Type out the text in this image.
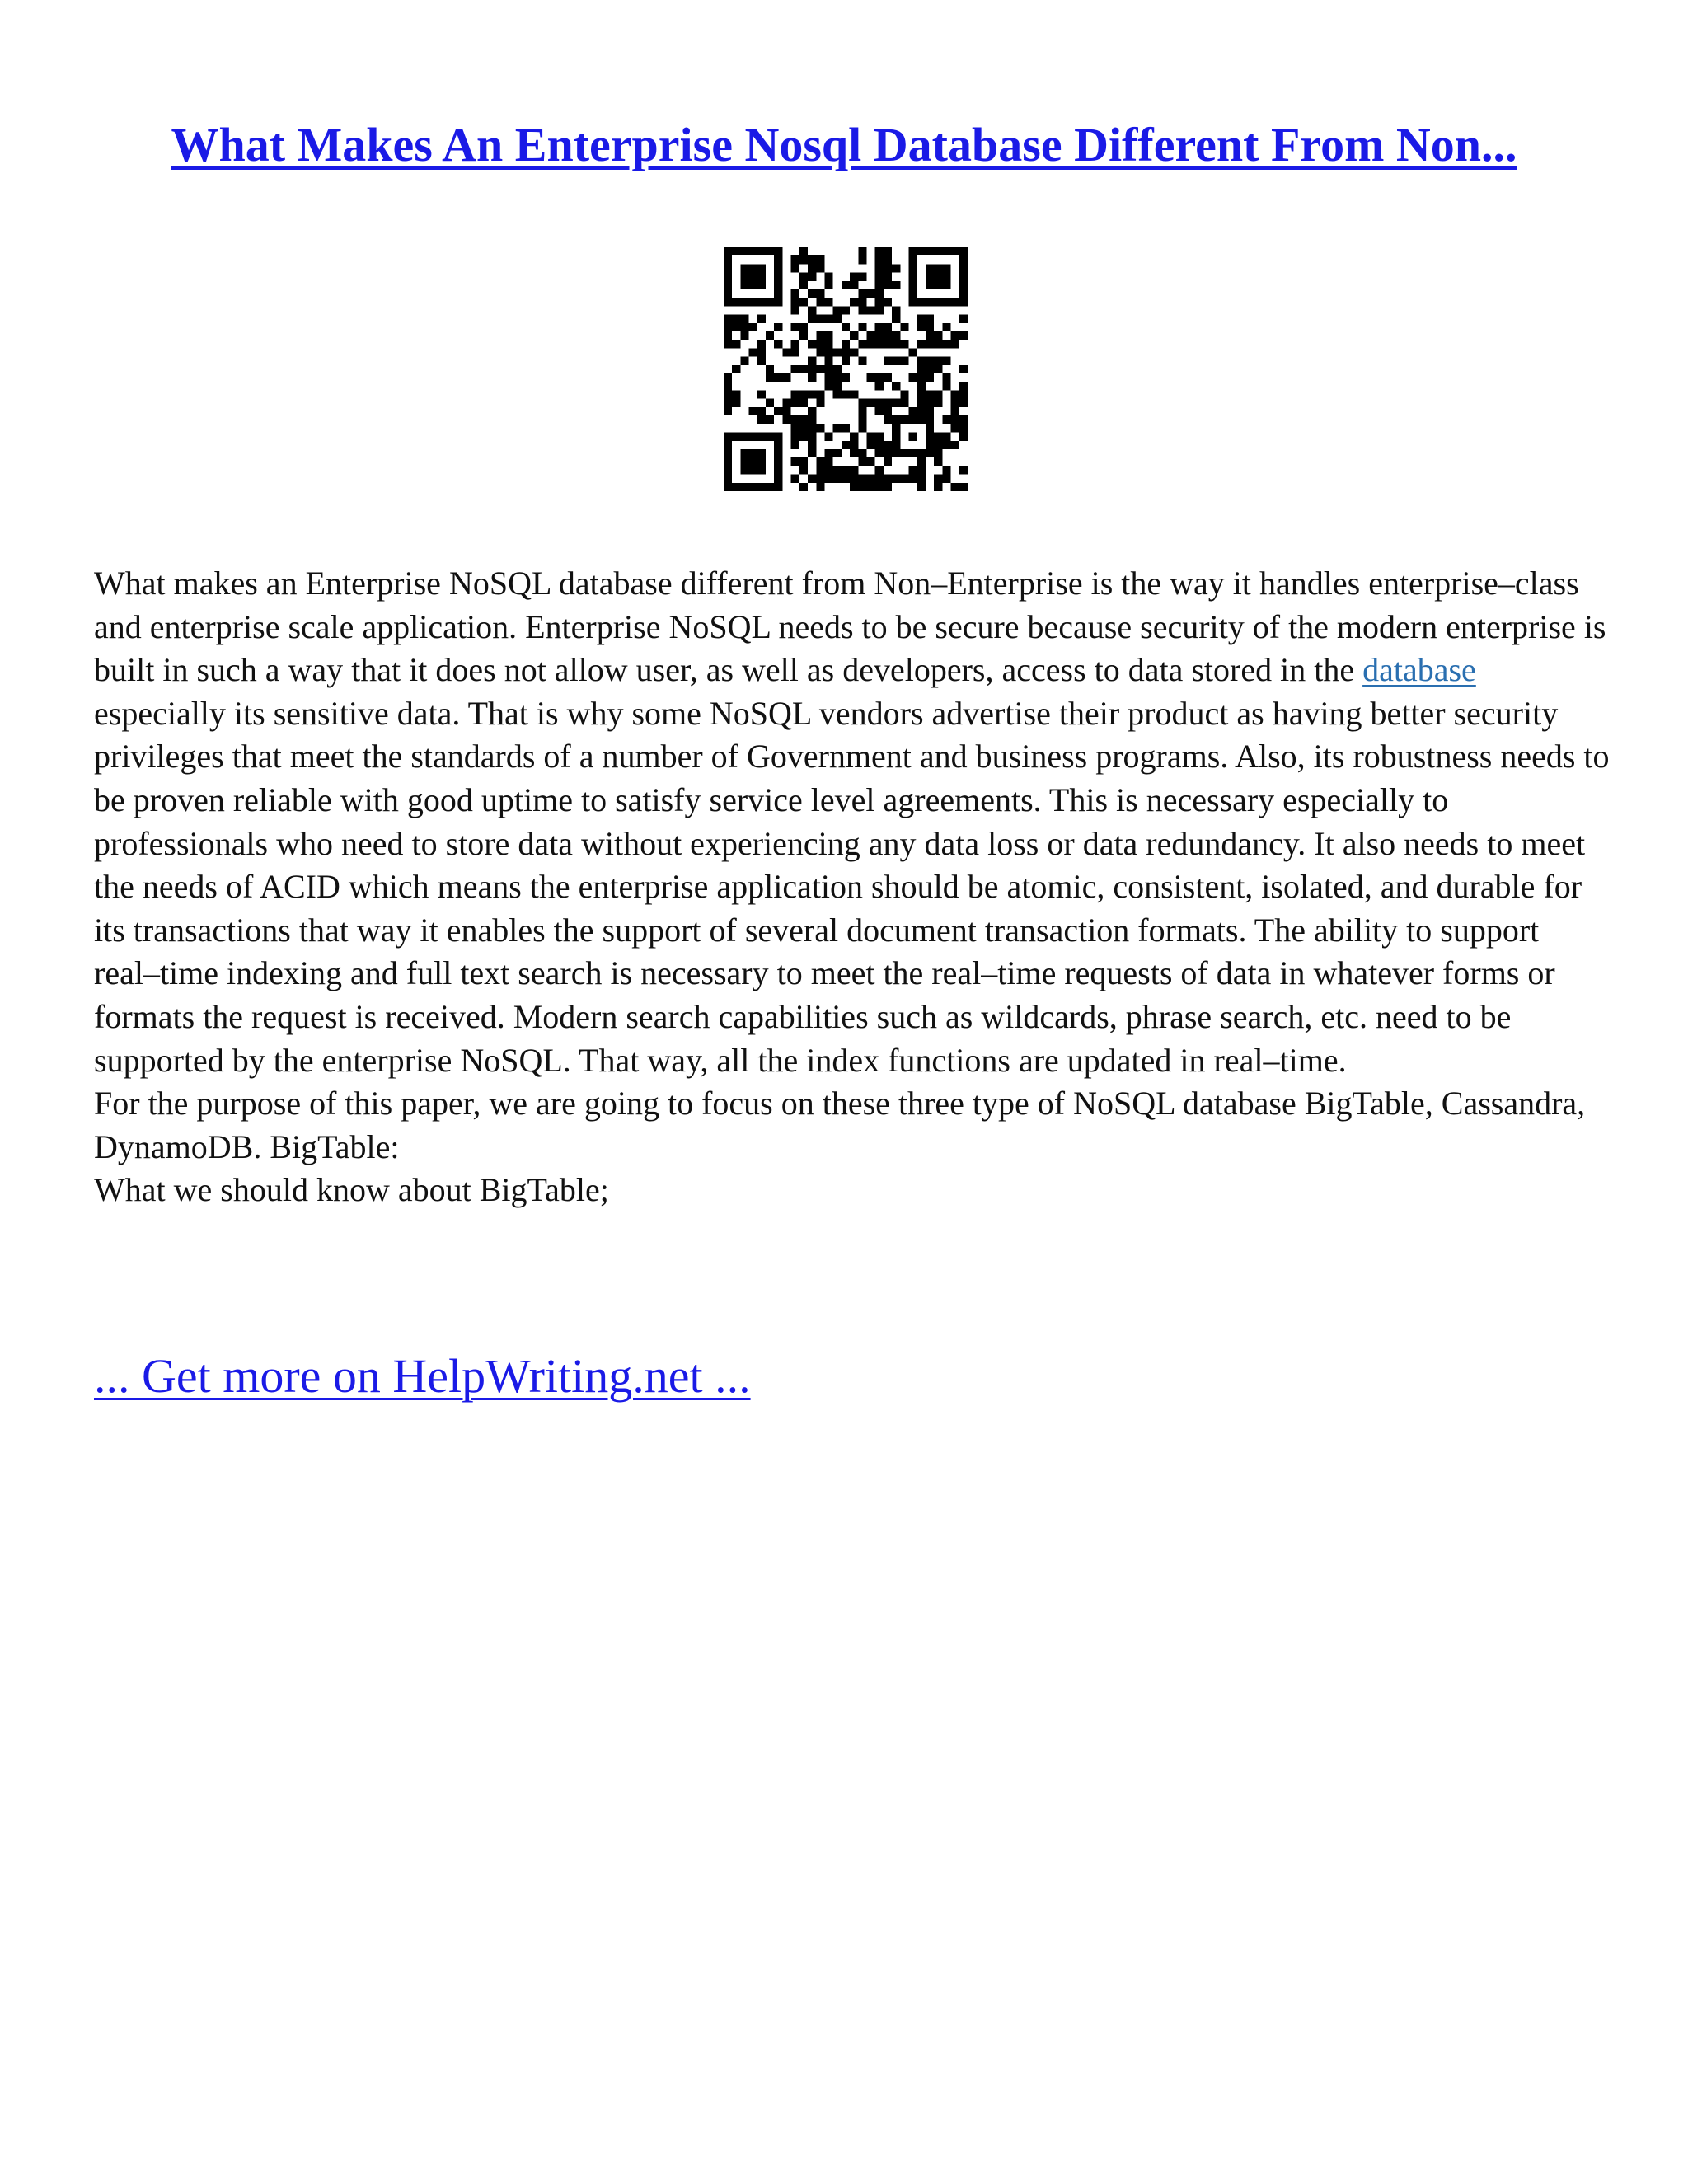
What Makes An Enterprise Nosql Database Different From Non...

What makes an Enterprise NoSQL database different from Non–Enterprise is the way it handles enterprise–class and enterprise scale application. Enterprise NoSQL needs to be secure because security of the modern enterprise is built in such a way that it does not allow user, as well as developers, access to data stored in the database especially its sensitive data. That is why some NoSQL vendors advertise their product as having better security privileges that meet the standards of a number of Government and business programs. Also, its robustness needs to be proven reliable with good uptime to satisfy service level agreements. This is necessary especially to professionals who need to store data without experiencing any data loss or data redundancy. It also needs to meet the needs of ACID which means the enterprise application should be atomic, consistent, isolated, and durable for its transactions that way it enables the support of several document transaction formats. The ability to support real–time indexing and full text search is necessary to meet the real–time requests of data in whatever forms or formats the request is received. Modern search capabilities such as wildcards, phrase search, etc. need to be supported by the enterprise NoSQL. That way, all the index functions are updated in real–time.

For the purpose of this paper, we are going to focus on these three type of NoSQL database BigTable, Cassandra, DynamoDB. BigTable:

What we should know about BigTable;

... Get more on HelpWriting.net ...
